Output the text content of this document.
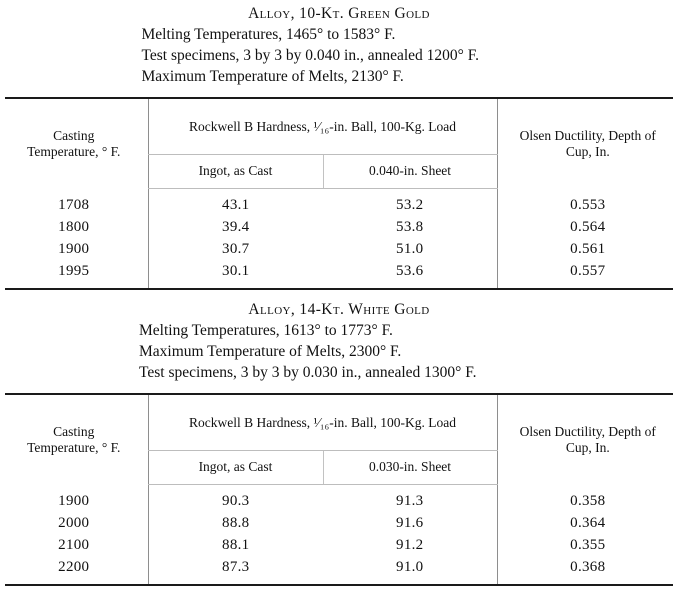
Alloy, 10-Kt. Green Gold
Melting Temperatures, 1465° to 1583° F.
Test specimens, 3 by 3 by 0.040 in., annealed 1200° F.
Maximum Temperature of Melts, 2130° F.
Casting
Temperature, ° F.	Rockwell B Hardness, ¹⁄₁₆-in. Ball, 100-Kg. Load		Olsen Ductility, Depth of
Cup, In.

	Ingot, as Cast	0.040-in. Sheet	

1708	43.1	53.2	0.553
1800	39.4	53.8	0.564
1900	30.7	51.0	0.561
1995	30.1	53.6	0.557
Alloy, 14-Kt. White Gold
Melting Temperatures, 1613° to 1773° F.
Maximum Temperature of Melts, 2300° F.
Test specimens, 3 by 3 by 0.030 in., annealed 1300° F.
Casting
Temperature, ° F.	Rockwell B Hardness, ¹⁄₁₆-in. Ball, 100-Kg. Load		Olsen Ductility, Depth of
Cup, In.

	Ingot, as Cast	0.030-in. Sheet	

1900	90.3	91.3	0.358
2000	88.8	91.6	0.364
2100	88.1	91.2	0.355
2200	87.3	91.0	0.368
